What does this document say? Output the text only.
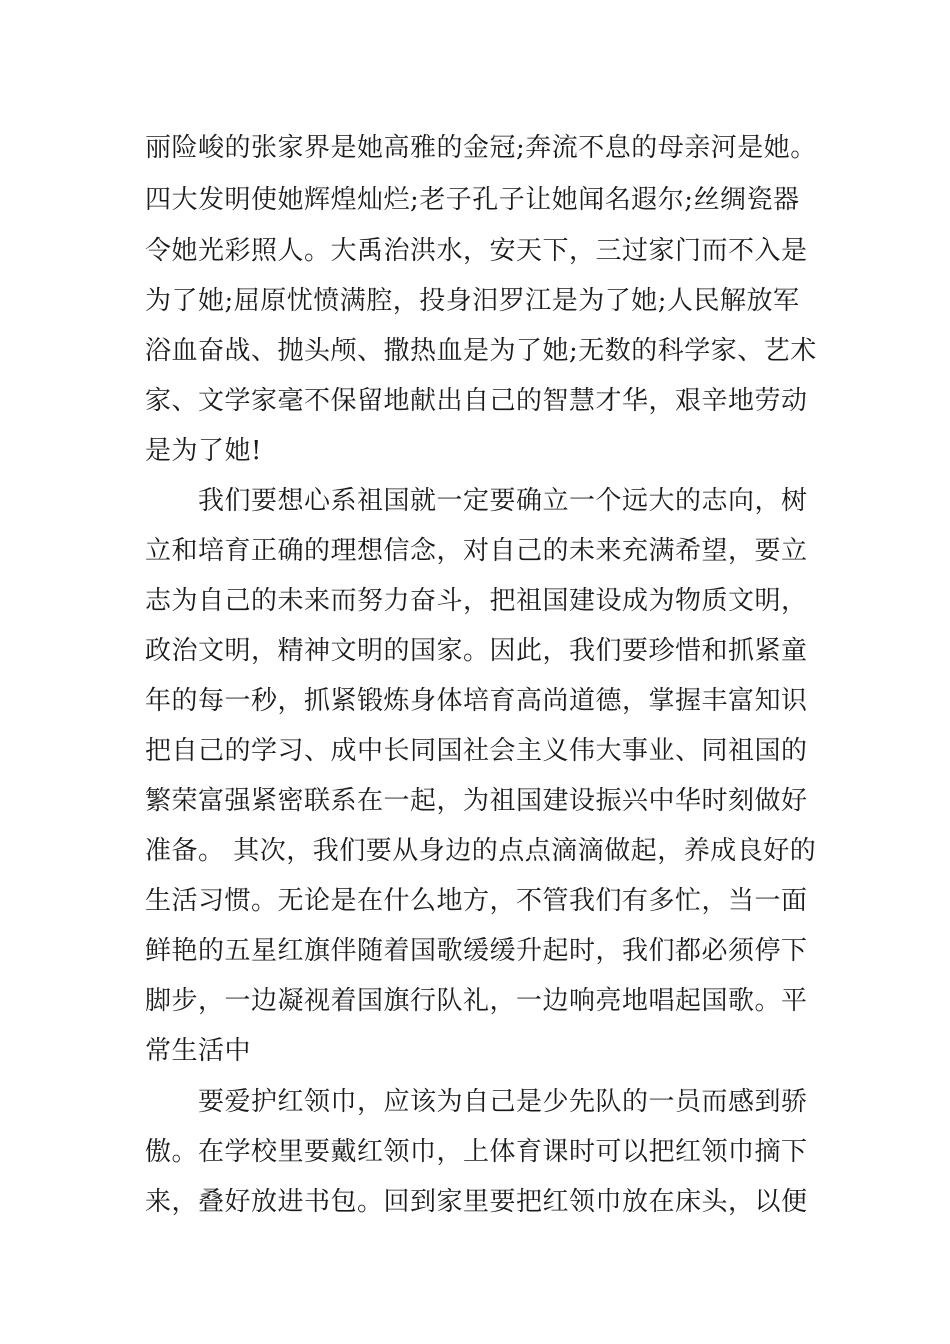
丽险峻的张家界是她高雅的金冠;奔流不息的母亲河是她。
四大发明使她辉煌灿烂;老子孔子让她闻名遐尔;丝绸瓷器
令她光彩照人。大禹治洪水，安天下，三过家门而不入是
为了她;屈原忧愤满腔，投身汨罗江是为了她;人民解放军
浴血奋战、抛头颅、撒热血是为了她;无数的科学家、艺术
家、文学家毫不保留地献出自己的智慧才华，艰辛地劳动
是为了她!
我们要想心系祖国就一定要确立一个远大的志向，树
立和培育正确的理想信念，对自己的未来充满希望，要立
志为自己的未来而努力奋斗，把祖国建设成为物质文明，
政治文明，精神文明的国家。因此，我们要珍惜和抓紧童
年的每一秒，抓紧锻炼身体培育高尚道德，掌握丰富知识
把自己的学习、成中长同国社会主义伟大事业、同祖国的
繁荣富强紧密联系在一起，为祖国建设振兴中华时刻做好
准备。 其次，我们要从身边的点点滴滴做起，养成良好的
生活习惯。无论是在什么地方，不管我们有多忙，当一面
鲜艳的五星红旗伴随着国歌缓缓升起时，我们都必须停下
脚步，一边凝视着国旗行队礼，一边响亮地唱起国歌。平
常生活中
要爱护红领巾，应该为自己是少先队的一员而感到骄
傲。在学校里要戴红领巾，上体育课时可以把红领巾摘下
来，叠好放进书包。回到家里要把红领巾放在床头，以便
